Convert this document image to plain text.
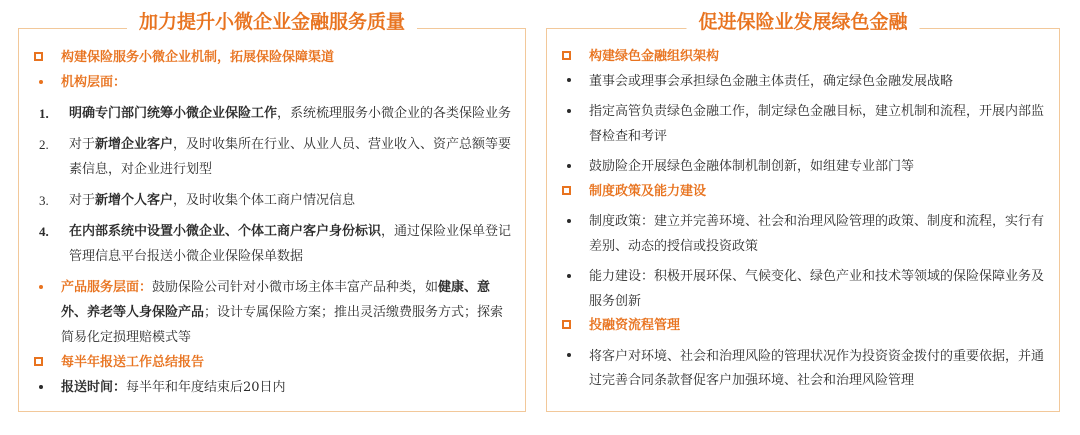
加力提升小微企业金融服务质量
构建保险服务小微企业机制，拓展保险保障渠道
机构层面：
1.	明确专门部门统筹小微企业保险工作，系统梳理服务小微企业的各类保险业务
2.	对于新增企业客户，及时收集所在行业、从业人员、营业收入、资产总额等要素信息，对企业进行划型
3.	对于新增个人客户，及时收集个体工商户情况信息
4.	在内部系统中设置小微企业、个体工商户客户身份标识，通过保险业保单登记管理信息平台报送小微企业保险保单数据
产品服务层面：鼓励保险公司针对小微市场主体丰富产品种类，如健康、意外、养老等人身保险产品；设计专属保险方案；推出灵活缴费服务方式；探索简易化定损理赔模式等
每半年报送工作总结报告
报送时间：每半年和年度结束后20日内
促进保险业发展绿色金融
构建绿色金融组织架构
董事会或理事会承担绿色金融主体责任，确定绿色金融发展战略
指定高管负责绿色金融工作，制定绿色金融目标，建立机制和流程，开展内部监督检查和考评
鼓励险企开展绿色金融体制机制创新，如组建专业部门等
制度政策及能力建设
制度政策：建立并完善环境、社会和治理风险管理的政策、制度和流程，实行有差别、动态的授信或投资政策
能力建设：积极开展环保、气候变化、绿色产业和技术等领域的保险保障业务及服务创新
投融资流程管理
将客户对环境、社会和治理风险的管理状况作为投资资金拨付的重要依据，并通过完善合同条款督促客户加强环境、社会和治理风险管理
